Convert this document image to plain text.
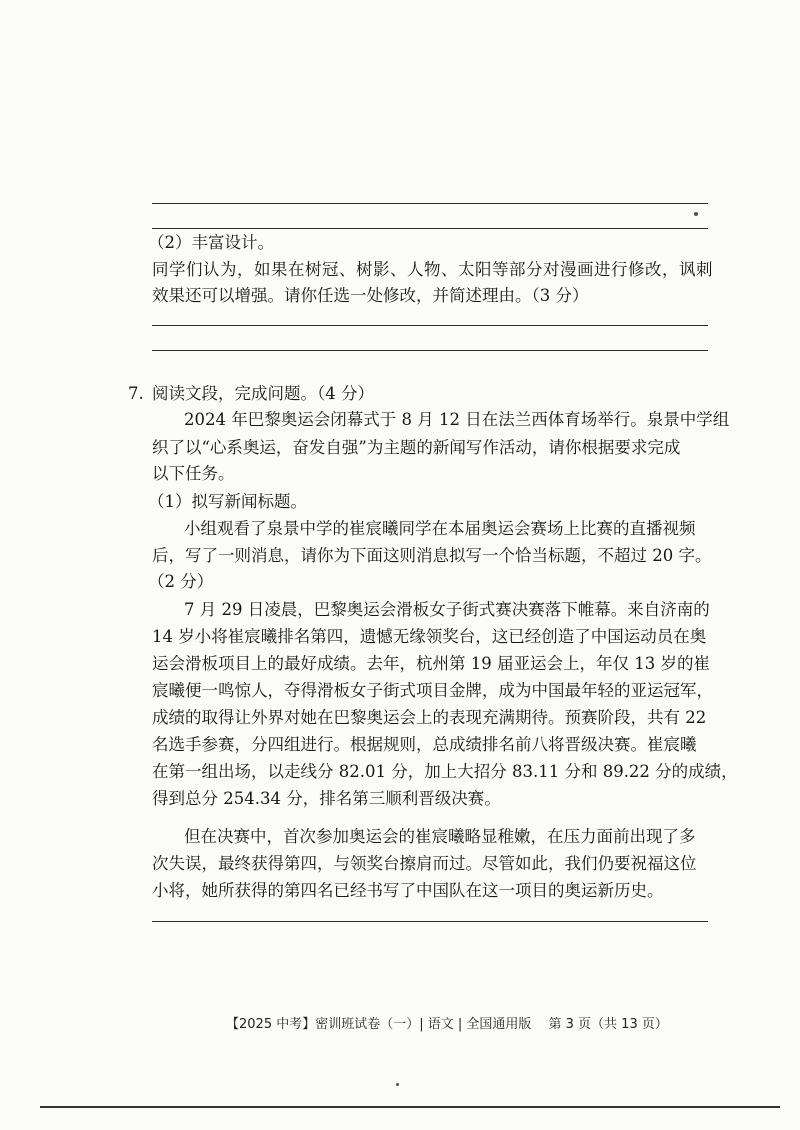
（2）丰富设计。
同学们认为，如果在树冠、树影、人物、太阳等部分对漫画进行修改，讽刺
效果还可以增强。请你任选一处修改，并简述理由。（3 分）
7. 阅读文段，完成问题。（4 分）
2024 年巴黎奥运会闭幕式于 8 月 12 日在法兰西体育场举行。泉景中学组
织了以“心系奥运，奋发自强”为主题的新闻写作活动，请你根据要求完成
以下任务。
（1）拟写新闻标题。
小组观看了泉景中学的崔宸曦同学在本届奥运会赛场上比赛的直播视频
后，写了一则消息，请你为下面这则消息拟写一个恰当标题，不超过 20 字。
（2 分）
7 月 29 日凌晨，巴黎奥运会滑板女子街式赛决赛落下帷幕。来自济南的
14 岁小将崔宸曦排名第四，遗憾无缘领奖台，这已经创造了中国运动员在奥
运会滑板项目上的最好成绩。去年，杭州第 19 届亚运会上，年仅 13 岁的崔
宸曦便一鸣惊人，夺得滑板女子街式项目金牌，成为中国最年轻的亚运冠军，
成绩的取得让外界对她在巴黎奥运会上的表现充满期待。预赛阶段，共有 22
名选手参赛，分四组进行。根据规则，总成绩排名前八将晋级决赛。崔宸曦
在第一组出场，以走线分 82.01 分，加上大招分 83.11 分和 89.22 分的成绩，
得到总分 254.34 分，排名第三顺利晋级决赛。
但在决赛中，首次参加奥运会的崔宸曦略显稚嫩，在压力面前出现了多
次失误，最终获得第四，与领奖台擦肩而过。尽管如此，我们仍要祝福这位
小将，她所获得的第四名已经书写了中国队在这一项目的奥运新历史。
【2025 中考】密训班试卷（一）| 语文 | 全国通用版　 第 3 页（共 13 页）
